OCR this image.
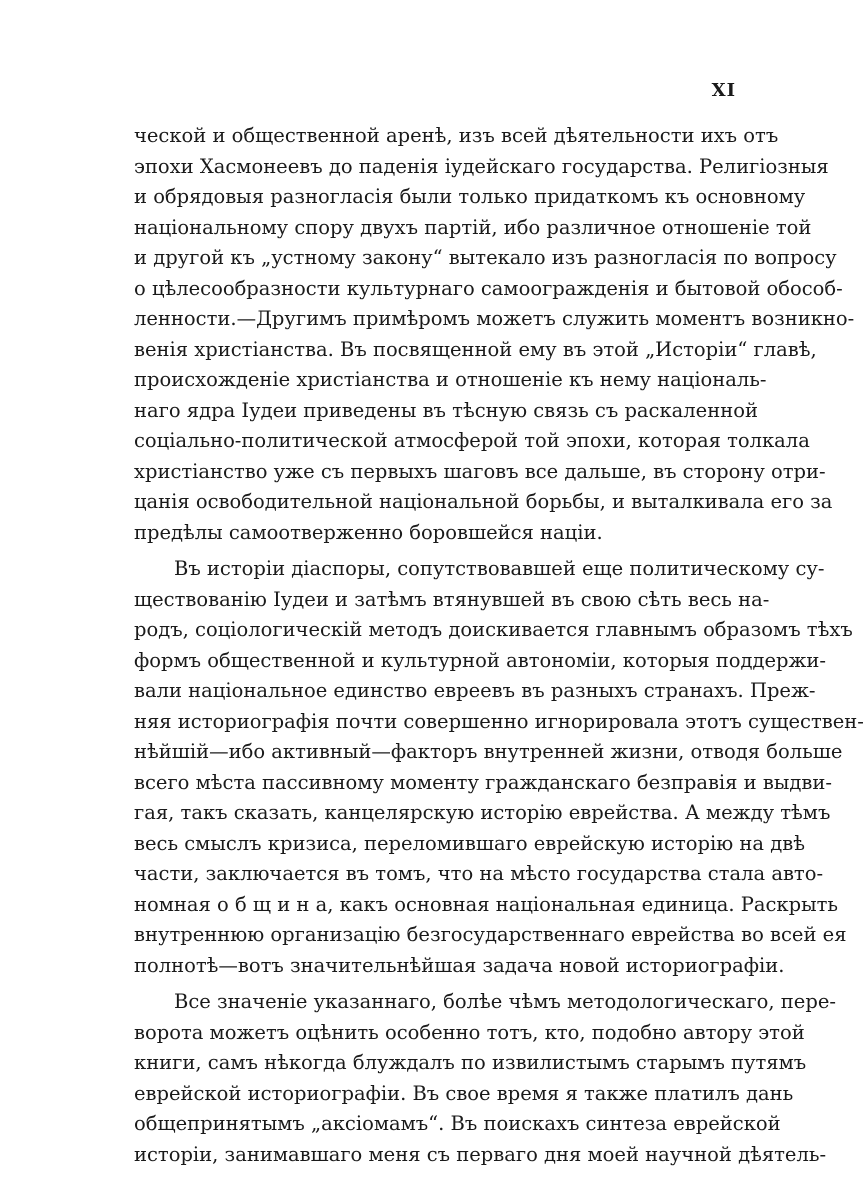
XI
ческой и общественной аренѣ, изъ всей дѣятельности ихъ отъ
эпохи Хасмонеевъ до паденія іудейскаго государства. Религіозныя
и обрядовыя разногласія были только придаткомъ къ основному
національному спору двухъ партій, ибо различное отношеніе той
и другой къ „устному закону“ вытекало изъ разногласія по вопросу
о цѣлесообразности культурнаго самоогражденія и бытовой обособ-
ленности.—Другимъ примѣромъ можетъ служить моментъ возникно-
венія христіанства. Въ посвященной ему въ этой „Исторіи“ главѣ,
происхожденіе христіанства и отношеніе къ нему національ-
наго ядра Іудеи приведены въ тѣсную связь съ раскаленной
соціально-политической атмосферой той эпохи, которая толкала
христіанство уже съ первыхъ шаговъ все дальше, въ сторону отри-
цанія освободительной національной борьбы, и выталкивала его за
предѣлы самоотверженно боровшейся націи.
Въ исторіи діаспоры, сопутствовавшей еще политическому су-
ществованію Іудеи и затѣмъ втянувшей въ свою сѣть весь на-
родъ, соціологическій методъ доискивается главнымъ образомъ тѣхъ
формъ общественной и культурной автономіи, которыя поддержи-
вали національное единство евреевъ въ разныхъ странахъ. Преж-
няя историографія почти совершенно игнорировала этотъ существен-
нѣйшій—ибо активный—факторъ внутренней жизни, отводя больше
всего мѣста пассивному моменту гражданскаго безправія и выдви-
гая, такъ сказать, канцелярскую исторію еврейства. А между тѣмъ
весь смыслъ кризиса, переломившаго еврейскую исторію на двѣ
части, заключается въ томъ, что на мѣсто государства стала авто-
номная о б щ и н а, какъ основная національная единица. Раскрыть
внутреннюю организацію безгосударственнаго еврейства во всей ея
полнотѣ—вотъ значительнѣйшая задача новой историографіи.
Все значеніе указаннаго, болѣе чѣмъ методологическаго, пере-
ворота можетъ оцѣнить особенно тотъ, кто, подобно автору этой
книги, самъ нѣкогда блуждалъ по извилистымъ старымъ путямъ
еврейской историографіи. Въ свое время я также платилъ дань
общепринятымъ „аксіомамъ“. Въ поискахъ синтеза еврейской
исторіи, занимавшаго меня съ перваго дня моей научной дѣятель-
